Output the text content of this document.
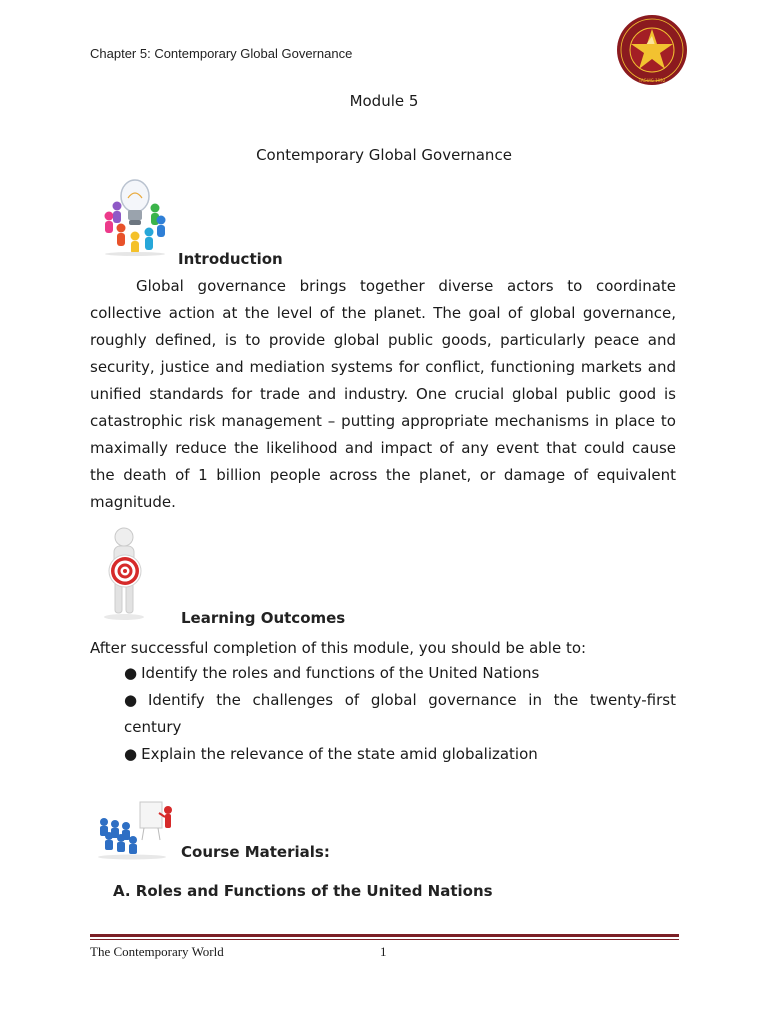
Chapter 5: Contemporary Global Governance
TAGUIG 1992
Module 5
Contemporary Global Governance
Introduction

Global governance brings together diverse actors to coordinate collective action at the level of the planet. The goal of global governance, roughly defined, is to provide global public goods, particularly peace and security, justice and mediation systems for conflict, functioning markets and unified standards for trade and industry. One crucial global public good is catastrophic risk management – putting appropriate mechanisms in place to maximally reduce the likelihood and impact of any event that could cause the death of 1 billion people across the planet, or damage of equivalent magnitude.

Learning Outcomes
After successful completion of this module, you should be able to:
● Identify the roles and functions of the United Nations
● Identify the challenges of global governance in the twenty-first century
● Explain the relevance of the state amid globalization
Course Materials:
A. Roles and Functions of the United Nations
The Contemporary World	1
